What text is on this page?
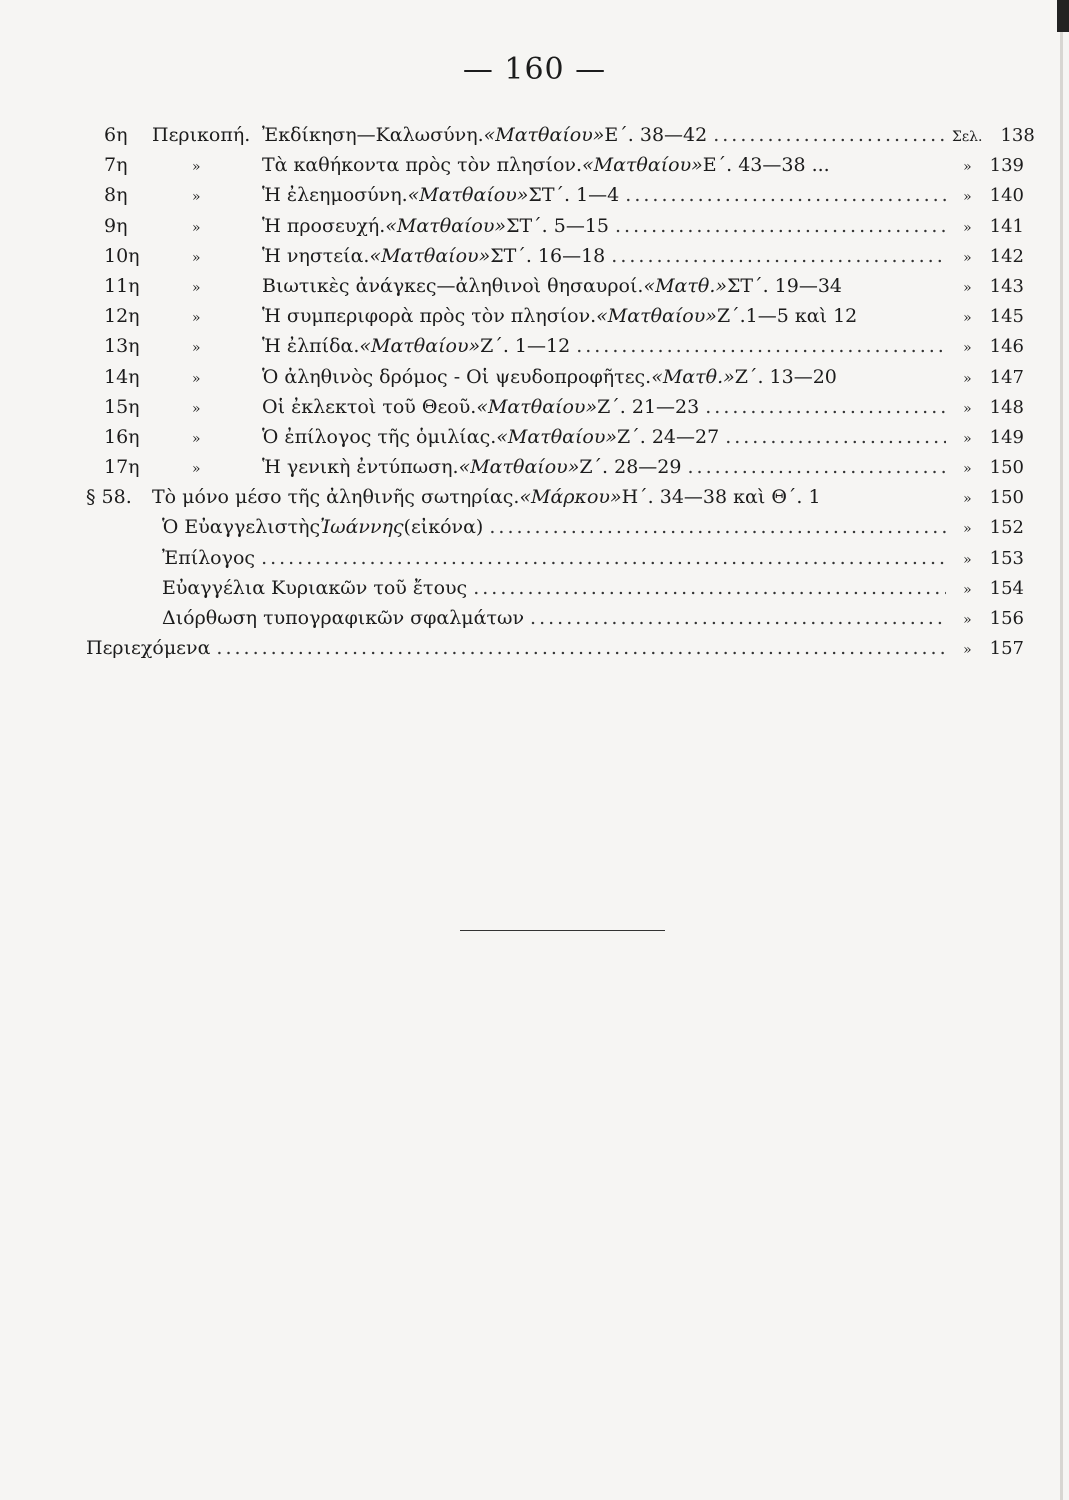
— 160 —
6η	Περικοπή. Ἐκδίκηση—Καλωσύνη. «Ματθαίου» Ε΄. 38—42 .....	Σελ. 138
7η	»	Τὰ καθήκοντα πρὸς τὸν πλησίον. «Ματθαίου» Ε΄. 43—38 ...	» 139
8η	»	Ἡ ἐλεημοσύνη. «Ματθαίου» ΣΤ΄. 1—4 .....	» 140
9η	»	Ἡ προσευχή. «Ματθαίου» ΣΤ΄. 5—15 .....	» 141
10η	»	Ἡ νηστεία. «Ματθαίου» ΣΤ΄. 16—18 .....	» 142
11η	»	Βιωτικὲς ἀνάγκες—ἀληθινοὶ θησαυροί. «Ματθ.» ΣΤ΄. 19—34	» 143
12η	»	Ἡ συμπεριφορὰ πρὸς τὸν πλησίον. «Ματθαίου» Ζ΄.1—5 καὶ 12	» 145
13η	»	Ἡ ἐλπίδα. «Ματθαίου» Ζ΄. 1—12 .....	» 146
14η	»	Ὁ ἀληθινὸς δρόμος - Οἱ ψευδοπροφῆτες. «Ματθ.» Ζ΄. 13—20	» 147
15η	»	Οἱ ἐκλεκτοὶ τοῦ Θεοῦ. «Ματθαίου» Ζ΄. 21—23 .....	» 148
16η	»	Ὁ ἐπίλογος τῆς ὁμιλίας. «Ματθαίου» Ζ΄. 24—27 .....	» 149
17η	»	Ἡ γενικὴ ἐντύπωση. «Ματθαίου» Ζ΄. 28—29 .....	» 150
§ 58.	Τὸ μόνο μέσο τῆς ἀληθινῆς σωτηρίας. «Μάρκου» Η΄. 34—38 καὶ Θ΄. 1	» 150
Ὁ Εὐαγγελιστὴς Ἰωάννης (εἰκόνα) .....	» 152
Ἐπίλογος .....	» 153
Εὐαγγέλια Κυριακῶν τοῦ ἔτους .....	» 154
Διόρθωση τυπογραφικῶν σφαλμάτων .....	» 156
Περιεχόμενα .....	» 157
